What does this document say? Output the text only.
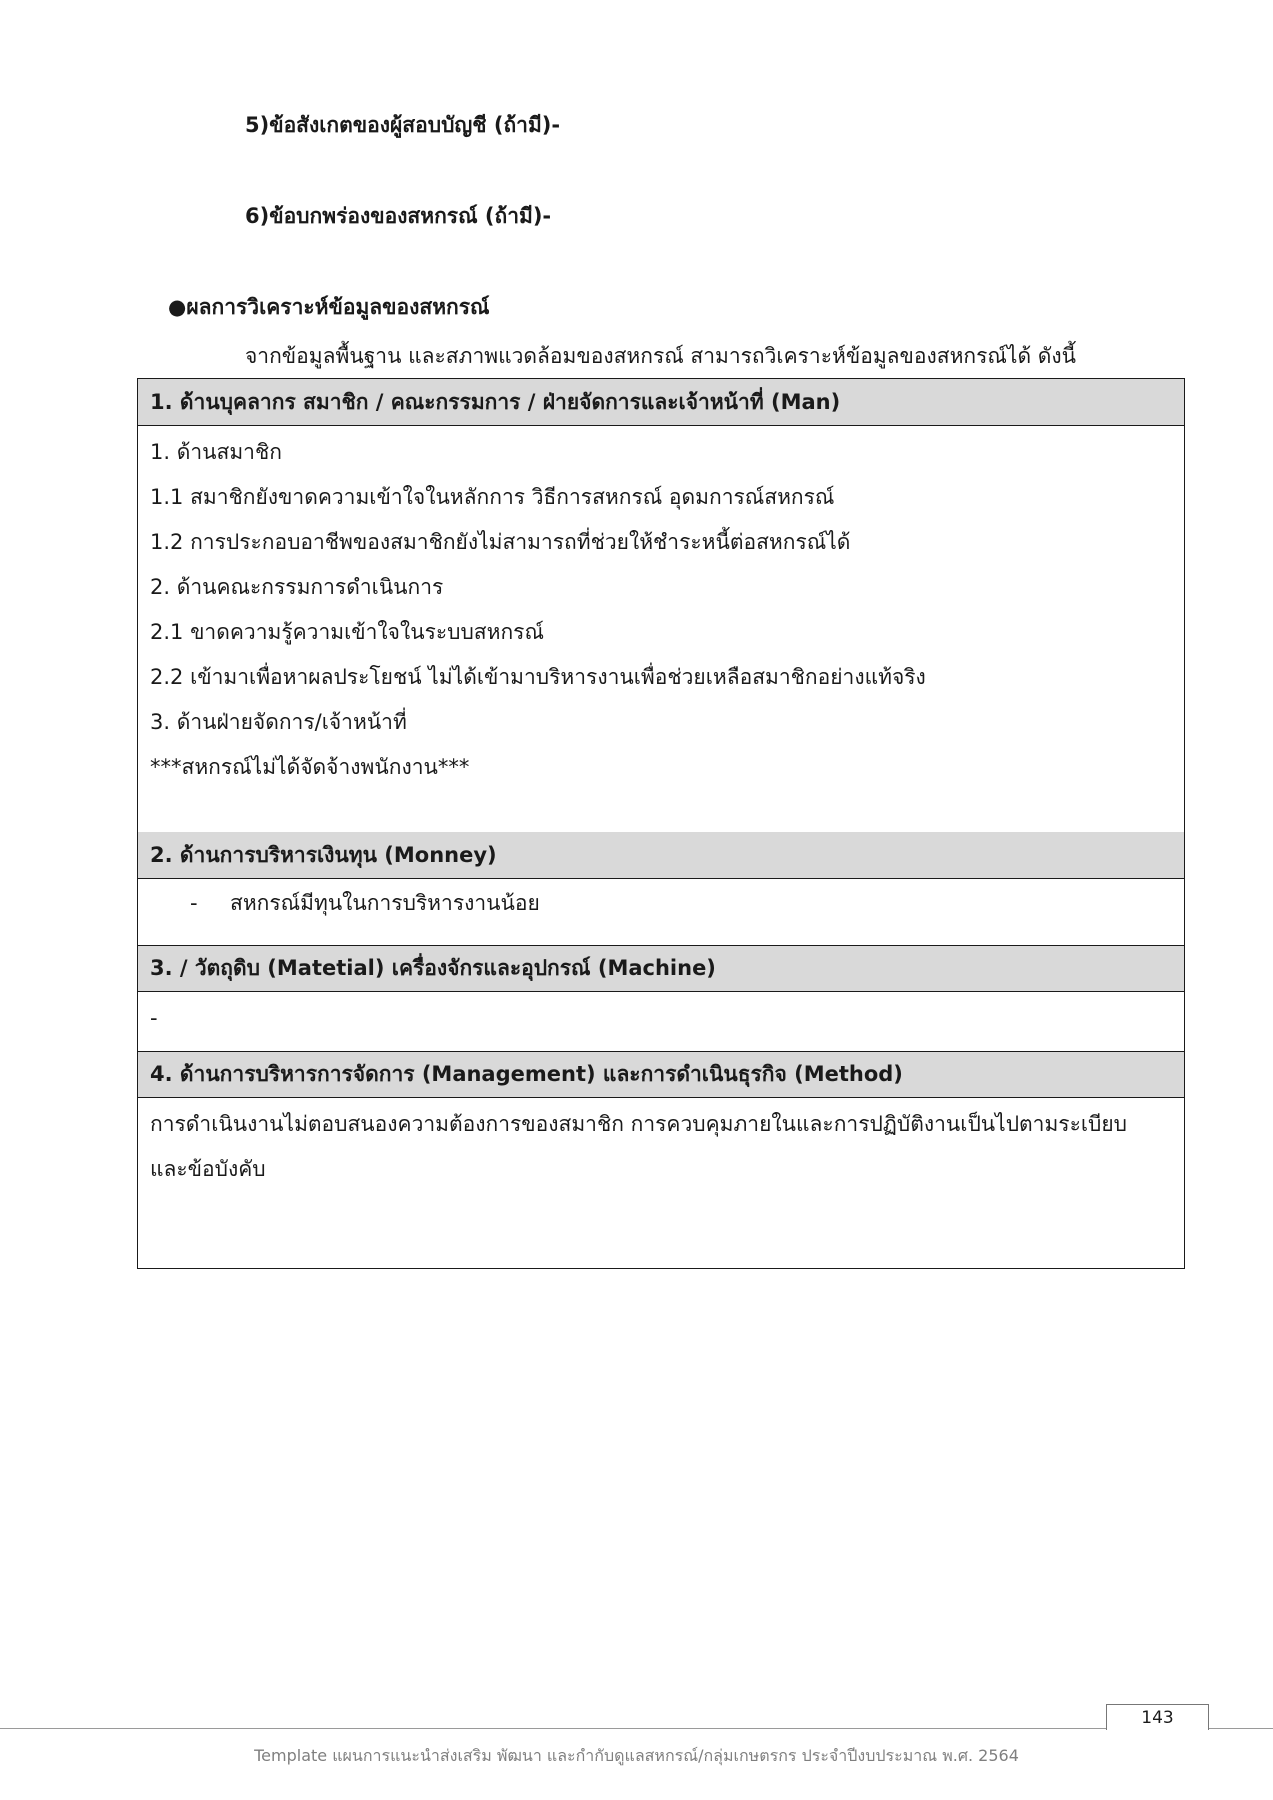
5)ข้อสังเกตของผู้สอบบัญชี (ถ้ามี)-
6)ข้อบกพร่องของสหกรณ์ (ถ้ามี)-
●ผลการวิเคราะห์ข้อมูลของสหกรณ์
จากข้อมูลพื้นฐาน และสภาพแวดล้อมของสหกรณ์ สามารถวิเคราะห์ข้อมูลของสหกรณ์ได้ ดังนี้
1. ด้านบุคลากร สมาชิก / คณะกรรมการ / ฝ่ายจัดการและเจ้าหน้าที่ (Man)
1. ด้านสมาชิก
1.1 สมาชิกยังขาดความเข้าใจในหลักการ วิธีการสหกรณ์ อุดมการณ์สหกรณ์
1.2 การประกอบอาชีพของสมาชิกยังไม่สามารถที่ช่วยให้ชำระหนี้ต่อสหกรณ์ได้
2. ด้านคณะกรรมการดำเนินการ
2.1 ขาดความรู้ความเข้าใจในระบบสหกรณ์
2.2 เข้ามาเพื่อหาผลประโยชน์ ไม่ได้เข้ามาบริหารงานเพื่อช่วยเหลือสมาชิกอย่างแท้จริง
3. ด้านฝ่ายจัดการ/เจ้าหน้าที่
***สหกรณ์ไม่ได้จัดจ้างพนักงาน***
2. ด้านการบริหารเงินทุน (Monney)
-	สหกรณ์มีทุนในการบริหารงานน้อย
3. / วัตถุดิบ (Matetial) เครื่องจักรและอุปกรณ์ (Machine)
-
4. ด้านการบริหารการจัดการ (Management) และการดำเนินธุรกิจ (Method)
การดำเนินงานไม่ตอบสนองความต้องการของสมาชิก การควบคุมภายในและการปฏิบัติงานเป็นไปตามระเบียบและข้อบังคับ
143
Template แผนการแนะนำส่งเสริม พัฒนา และกำกับดูแลสหกรณ์/กลุ่มเกษตรกร ประจำปีงบประมาณ พ.ศ. 2564
